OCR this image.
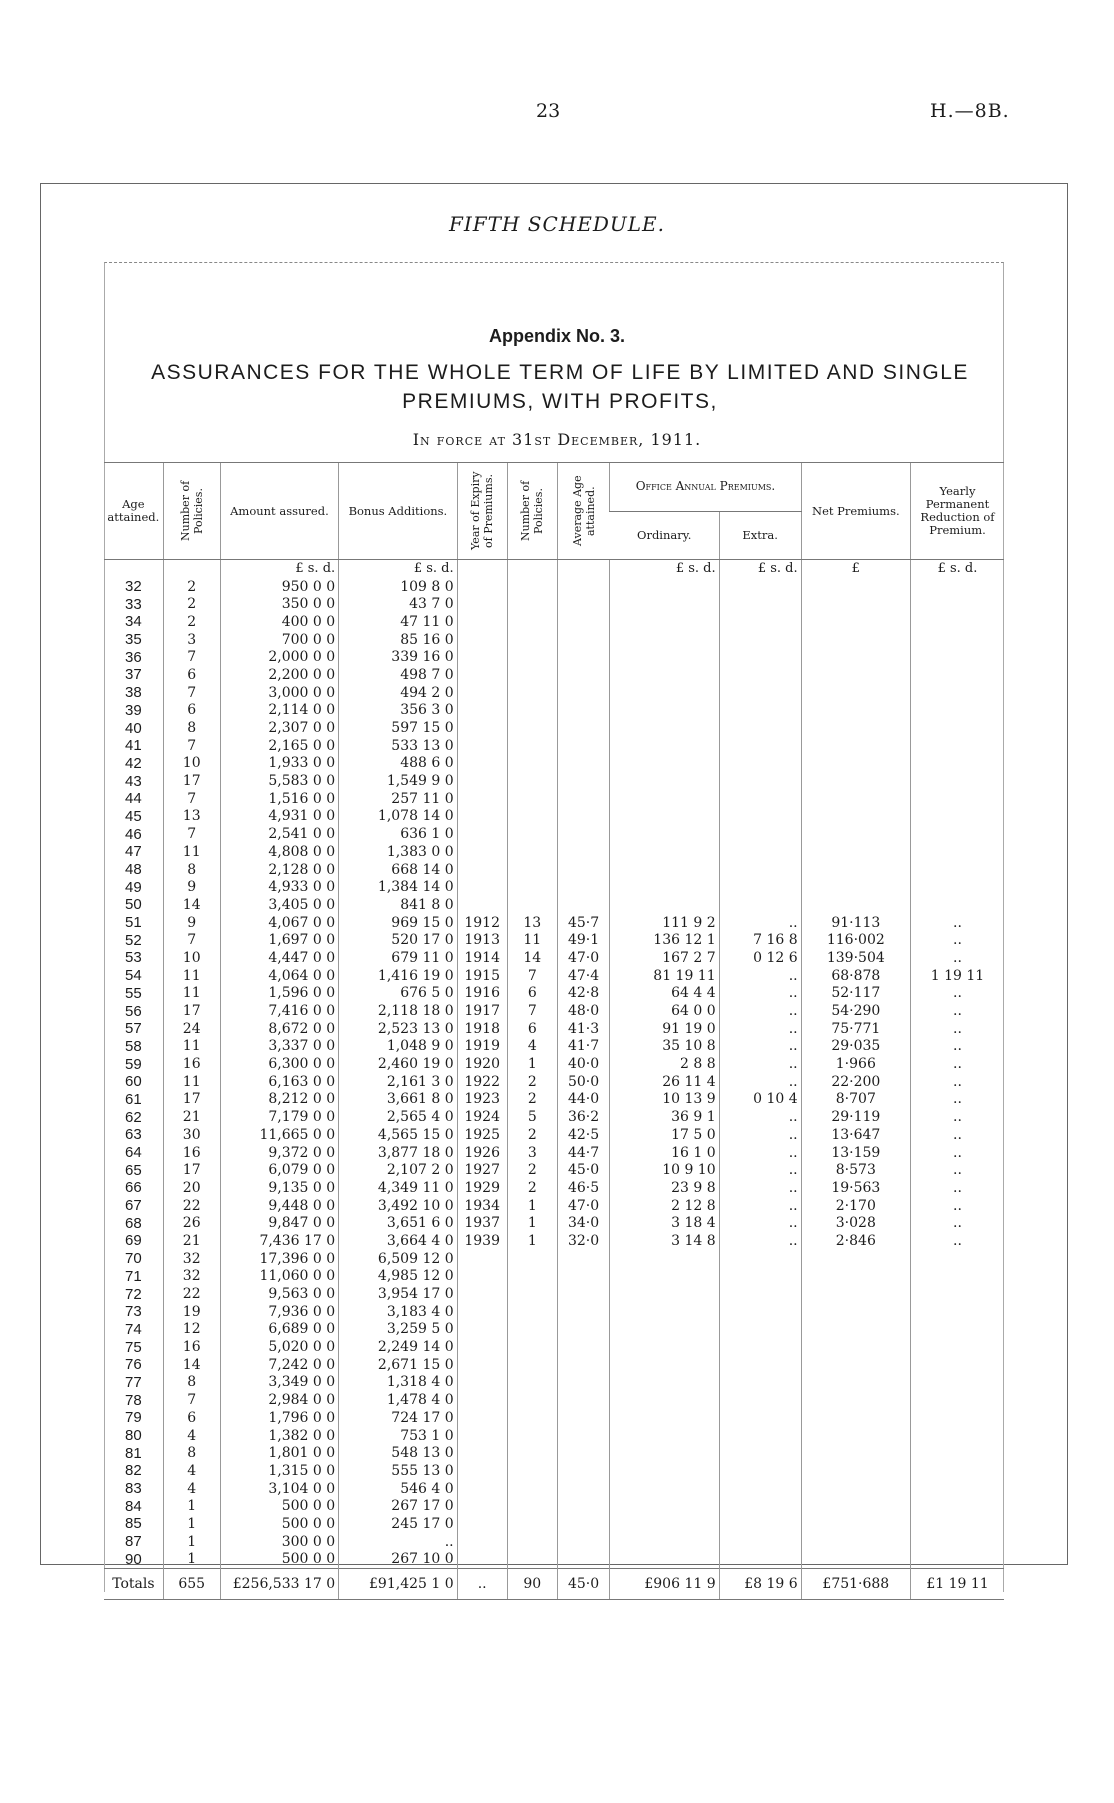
23	H.—8B.
FIFTH SCHEDULE.
Appendix No. 3.
ASSURANCES FOR THE WHOLE TERM OF LIFE BY LIMITED AND SINGLE PREMIUMS, WITH PROFITS,
In force at 31st December, 1911.
Age attained.	Number of Policies.	Amount assured.	Bonus Additions.	Year of Expiry of Premiums.	Number of Policies.	Average Age attained.	Office Annual Premiums.		Net Premiums.	Yearly Permanent Reduction of Premium.
							Ordinary.	Extra.		
		£ s. d.	£ s. d.				£ s. d.	£ s. d.	£	£ s. d.
32	2	950 0 0	109 8 0							
33	2	350 0 0	43 7 0							
34	2	400 0 0	47 11 0							
35	3	700 0 0	85 16 0							
36	7	2,000 0 0	339 16 0							
37	6	2,200 0 0	498 7 0							
38	7	3,000 0 0	494 2 0							
39	6	2,114 0 0	356 3 0							
40	8	2,307 0 0	597 15 0							
41	7	2,165 0 0	533 13 0							
42	10	1,933 0 0	488 6 0							
43	17	5,583 0 0	1,549 9 0							
44	7	1,516 0 0	257 11 0							
45	13	4,931 0 0	1,078 14 0							
46	7	2,541 0 0	636 1 0							
47	11	4,808 0 0	1,383 0 0							
48	8	2,128 0 0	668 14 0							
49	9	4,933 0 0	1,384 14 0							
50	14	3,405 0 0	841 8 0							
51	9	4,067 0 0	969 15 0	1912	13	45·7	111 9 2	..	91·113	..
52	7	1,697 0 0	520 17 0	1913	11	49·1	136 12 1	7 16 8	116·002	..
53	10	4,447 0 0	679 11 0	1914	14	47·0	167 2 7	0 12 6	139·504	..
54	11	4,064 0 0	1,416 19 0	1915	7	47·4	81 19 11	..	68·878	1 19 11
55	11	1,596 0 0	676 5 0	1916	6	42·8	64 4 4	..	52·117	..
56	17	7,416 0 0	2,118 18 0	1917	7	48·0	64 0 0	..	54·290	..
57	24	8,672 0 0	2,523 13 0	1918	6	41·3	91 19 0	..	75·771	..
58	11	3,337 0 0	1,048 9 0	1919	4	41·7	35 10 8	..	29·035	..
59	16	6,300 0 0	2,460 19 0	1920	1	40·0	2 8 8	..	1·966	..
60	11	6,163 0 0	2,161 3 0	1922	2	50·0	26 11 4	..	22·200	..
61	17	8,212 0 0	3,661 8 0	1923	2	44·0	10 13 9	0 10 4	8·707	..
62	21	7,179 0 0	2,565 4 0	1924	5	36·2	36 9 1	..	29·119	..
63	30	11,665 0 0	4,565 15 0	1925	2	42·5	17 5 0	..	13·647	..
64	16	9,372 0 0	3,877 18 0	1926	3	44·7	16 1 0	..	13·159	..
65	17	6,079 0 0	2,107 2 0	1927	2	45·0	10 9 10	..	8·573	..
66	20	9,135 0 0	4,349 11 0	1929	2	46·5	23 9 8	..	19·563	..
67	22	9,448 0 0	3,492 10 0	1934	1	47·0	2 12 8	..	2·170	..
68	26	9,847 0 0	3,651 6 0	1937	1	34·0	3 18 4	..	3·028	..
69	21	7,436 17 0	3,664 4 0	1939	1	32·0	3 14 8	..	2·846	..
70	32	17,396 0 0	6,509 12 0							
71	32	11,060 0 0	4,985 12 0							
72	22	9,563 0 0	3,954 17 0							
73	19	7,936 0 0	3,183 4 0							
74	12	6,689 0 0	3,259 5 0							
75	16	5,020 0 0	2,249 14 0							
76	14	7,242 0 0	2,671 15 0							
77	8	3,349 0 0	1,318 4 0							
78	7	2,984 0 0	1,478 4 0							
79	6	1,796 0 0	724 17 0							
80	4	1,382 0 0	753 1 0							
81	8	1,801 0 0	548 13 0							
82	4	1,315 0 0	555 13 0							
83	4	3,104 0 0	546 4 0							
84	1	500 0 0	267 17 0							
85	1	500 0 0	245 17 0							
87	1	300 0 0	..							
90	1	500 0 0	267 10 0							
Totals	655	£256,533 17 0	£91,425 1 0	..	90	45·0	£906 11 9	£8 19 6	£751·688	£1 19 11
